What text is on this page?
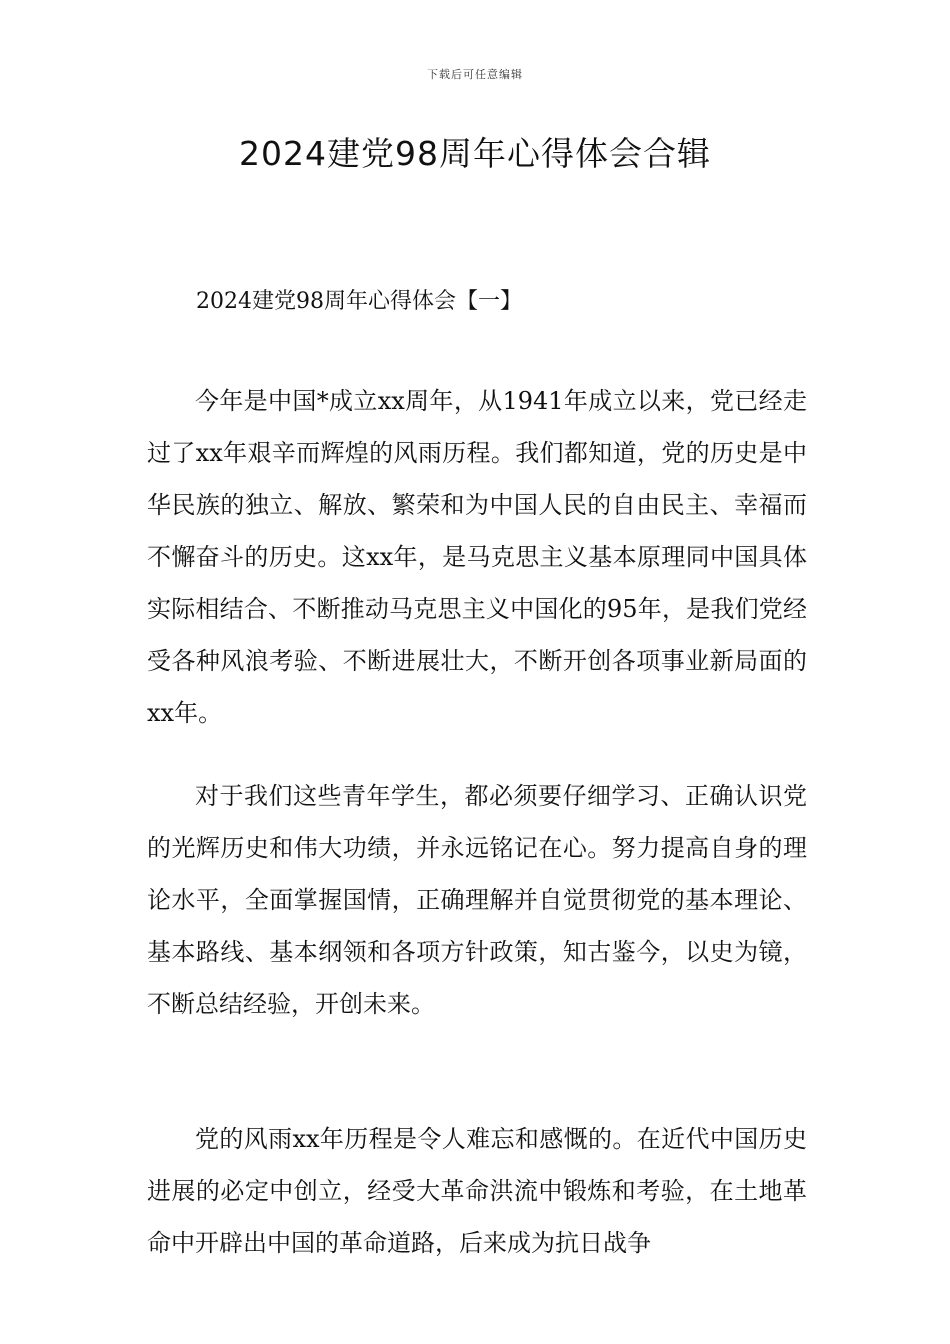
下载后可任意编辑
2024建党98周年心得体会合辑
2024建党98周年心得体会【一】

今年是中国*成立xx周年，从1941年成立以来，党已经走过了xx年艰辛而辉煌的风雨历程。我们都知道，党的历史是中华民族的独立、解放、繁荣和为中国人民的自由民主、幸福而不懈奋斗的历史。这xx年，是马克思主义基本原理同中国具体实际相结合、不断推动马克思主义中国化的95年，是我们党经受各种风浪考验、不断进展壮大，不断开创各项事业新局面的xx年。

对于我们这些青年学生，都必须要仔细学习、正确认识党的光辉历史和伟大功绩，并永远铭记在心。努力提高自身的理论水平，全面掌握国情，正确理解并自觉贯彻党的基本理论、基本路线、基本纲领和各项方针政策，知古鉴今，以史为镜，不断总结经验，开创未来。

党的风雨xx年历程是令人难忘和感慨的。在近代中国历史进展的必定中创立，经受大革命洪流中锻炼和考验，在土地革命中开辟出中国的革命道路，后来成为抗日战争
